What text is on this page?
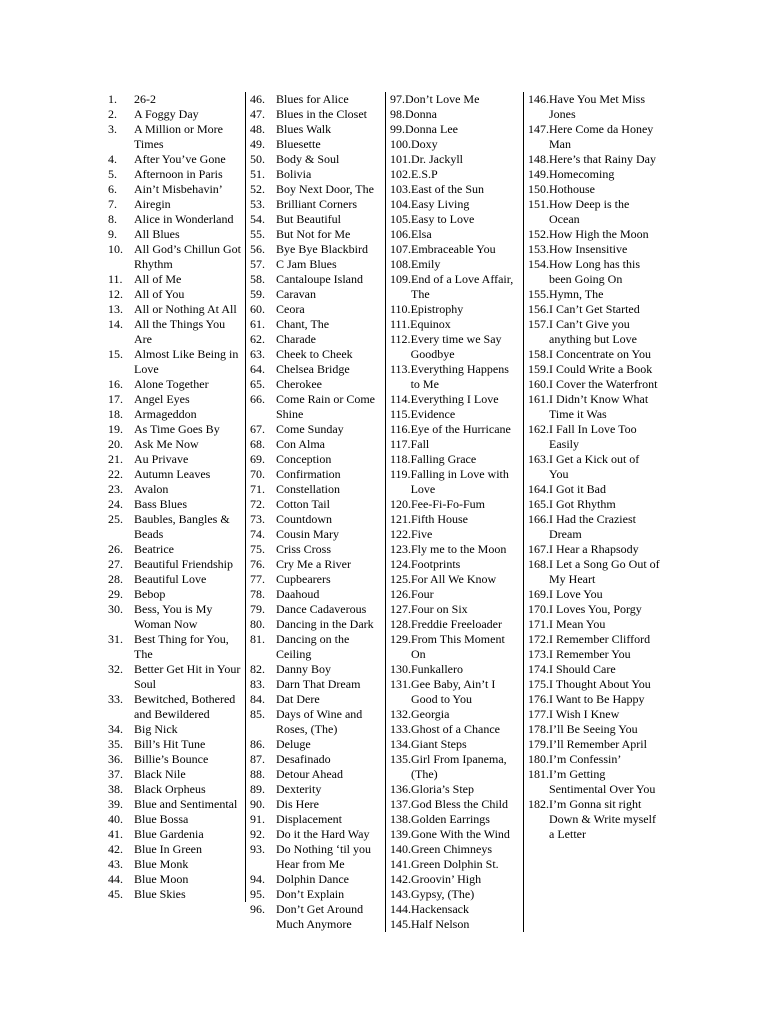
1.	26-2
2.	A Foggy Day
3.	A Million or More Times
4.	After You’ve Gone
5.	Afternoon in Paris
6.	Ain’t Misbehavin’
7.	Airegin
8.	Alice in Wonderland
9.	All Blues
10. All God’s Chillun Got Rhythm
11. All of Me
12. All of You
13. All or Nothing At All
14. All the Things You Are
15. Almost Like Being in Love
16. Alone Together
17. Angel Eyes
18. Armageddon
19. As Time Goes By
20. Ask Me Now
21. Au Privave
22. Autumn Leaves
23. Avalon
24. Bass Blues
25. Baubles, Bangles & Beads
26. Beatrice
27. Beautiful Friendship
28. Beautiful Love
29. Bebop
30. Bess, You is My Woman Now
31. Best Thing for You, The
32. Better Get Hit in Your Soul
33. Bewitched, Bothered and Bewildered
34. Big Nick
35. Bill’s Hit Tune
36. Billie’s Bounce
37. Black Nile
38. Black Orpheus
39. Blue and Sentimental
40. Blue Bossa
41. Blue Gardenia
42. Blue In Green
43. Blue Monk
44. Blue Moon
45. Blue Skies
46. Blues for Alice
47. Blues in the Closet
48. Blues Walk
49. Bluesette
50. Body & Soul
51. Bolivia
52. Boy Next Door, The
53. Brilliant Corners
54. But Beautiful
55. But Not for Me
56. Bye Bye Blackbird
57. C Jam Blues
58. Cantaloupe Island
59. Caravan
60. Ceora
61. Chant, The
62. Charade
63. Cheek to Cheek
64. Chelsea Bridge
65. Cherokee
66. Come Rain or Come Shine
67. Come Sunday
68. Con Alma
69. Conception
70. Confirmation
71. Constellation
72. Cotton Tail
73. Countdown
74. Cousin Mary
75. Criss Cross
76. Cry Me a River
77. Cupbearers
78. Daahoud
79. Dance Cadaverous
80. Dancing in the Dark
81. Dancing on the Ceiling
82. Danny Boy
83. Darn That Dream
84. Dat Dere
85. Days of Wine and Roses, (The)
86. Deluge
87. Desafinado
88. Detour Ahead
89. Dexterity
90. Dis Here
91. Displacement
92. Do it the Hard Way
93. Do Nothing ‘til you Hear from Me
94. Dolphin Dance
95. Don’t Explain
96. Don’t Get Around Much Anymore
97. Don’t Love Me
98. Donna
99. Donna Lee
100. Doxy
101. Dr. Jackyll
102. E.S.P
103. East of the Sun
104. Easy Living
105. Easy to Love
106. Elsa
107. Embraceable You
108. Emily
109. End of a Love Affair, The
110. Epistrophy
111. Equinox
112. Every time we Say Goodbye
113. Everything Happens to Me
114. Everything I Love
115. Evidence
116. Eye of the Hurricane
117. Fall
118. Falling Grace
119. Falling in Love with Love
120. Fee-Fi-Fo-Fum
121. Fifth House
122. Five
123. Fly me to the Moon
124. Footprints
125. For All We Know
126. Four
127. Four on Six
128. Freddie Freeloader
129. From This Moment On
130. Funkallero
131. Gee Baby, Ain’t I Good to You
132. Georgia
133. Ghost of a Chance
134. Giant Steps
135. Girl From Ipanema, (The)
136. Gloria’s Step
137. God Bless the Child
138. Golden Earrings
139. Gone With the Wind
140. Green Chimneys
141. Green Dolphin St.
142. Groovin’ High
143. Gypsy, (The)
144. Hackensack
145. Half Nelson
146. Have You Met Miss Jones
147. Here Come da Honey Man
148. Here’s that Rainy Day
149. Homecoming
150. Hothouse
151. How Deep is the Ocean
152. How High the Moon
153. How Insensitive
154. How Long has this been Going On
155. Hymn, The
156. I Can’t Get Started
157. I Can’t Give you anything but Love
158. I Concentrate on You
159. I Could Write a Book
160. I Cover the Waterfront
161. I Didn’t Know What Time it Was
162. I Fall In Love Too Easily
163. I Get a Kick out of You
164. I Got it Bad
165. I Got Rhythm
166. I Had the Craziest Dream
167. I Hear a Rhapsody
168. I Let a Song Go Out of My Heart
169. I Love You
170. I Loves You, Porgy
171. I Mean You
172. I Remember Clifford
173. I Remember You
174. I Should Care
175. I Thought About You
176. I Want to Be Happy
177. I Wish I Knew
178. I’ll Be Seeing You
179. I’ll Remember April
180. I’m Confessin’
181. I’m Getting Sentimental Over You
182. I’m Gonna sit right Down & Write myself a Letter
